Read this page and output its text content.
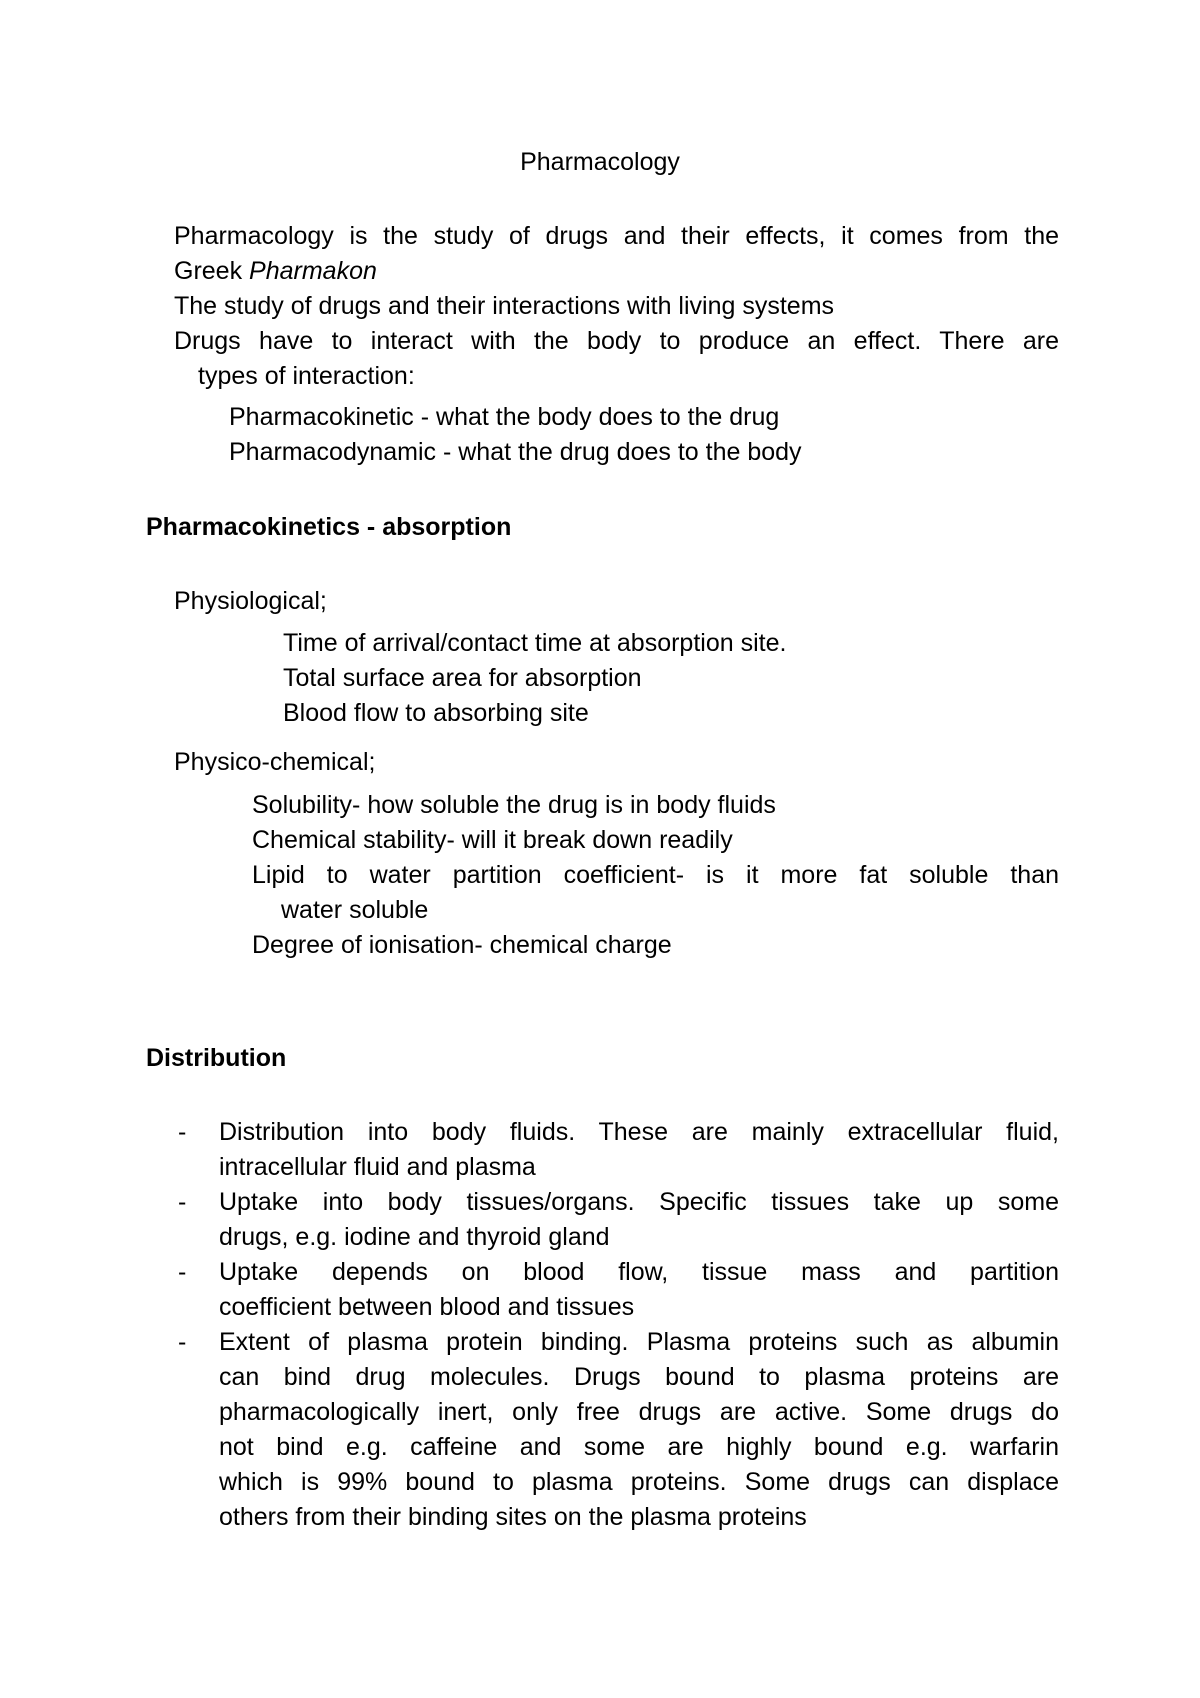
Pharmacology
Pharmacology is the study of drugs and their effects, it comes from the
Greek Pharmakon
The study of drugs and their interactions with living systems
Drugs have to interact with the body to produce an effect. There are
types of interaction:
Pharmacokinetic - what the body does to the drug
Pharmacodynamic - what the drug does to the body
Pharmacokinetics - absorption
Physiological;
Time of arrival/contact time at absorption site.
Total surface area for absorption
Blood flow to absorbing site
Physico-chemical;
Solubility- how soluble the drug is in body fluids
Chemical stability- will it break down readily
Lipid to water partition coefficient- is it more fat soluble than
water soluble
Degree of ionisation- chemical charge
Distribution
- Distribution into body fluids. These are mainly extracellular fluid,
intracellular fluid and plasma
- Uptake into body tissues/organs. Specific tissues take up some
drugs, e.g. iodine and thyroid gland
- Uptake depends on blood flow, tissue mass and partition
coefficient between blood and tissues
- Extent of plasma protein binding. Plasma proteins such as albumin
can bind drug molecules. Drugs bound to plasma proteins are
pharmacologically inert, only free drugs are active. Some drugs do
not bind e.g. caffeine and some are highly bound e.g. warfarin
which is 99% bound to plasma proteins. Some drugs can displace
others from their binding sites on the plasma proteins
